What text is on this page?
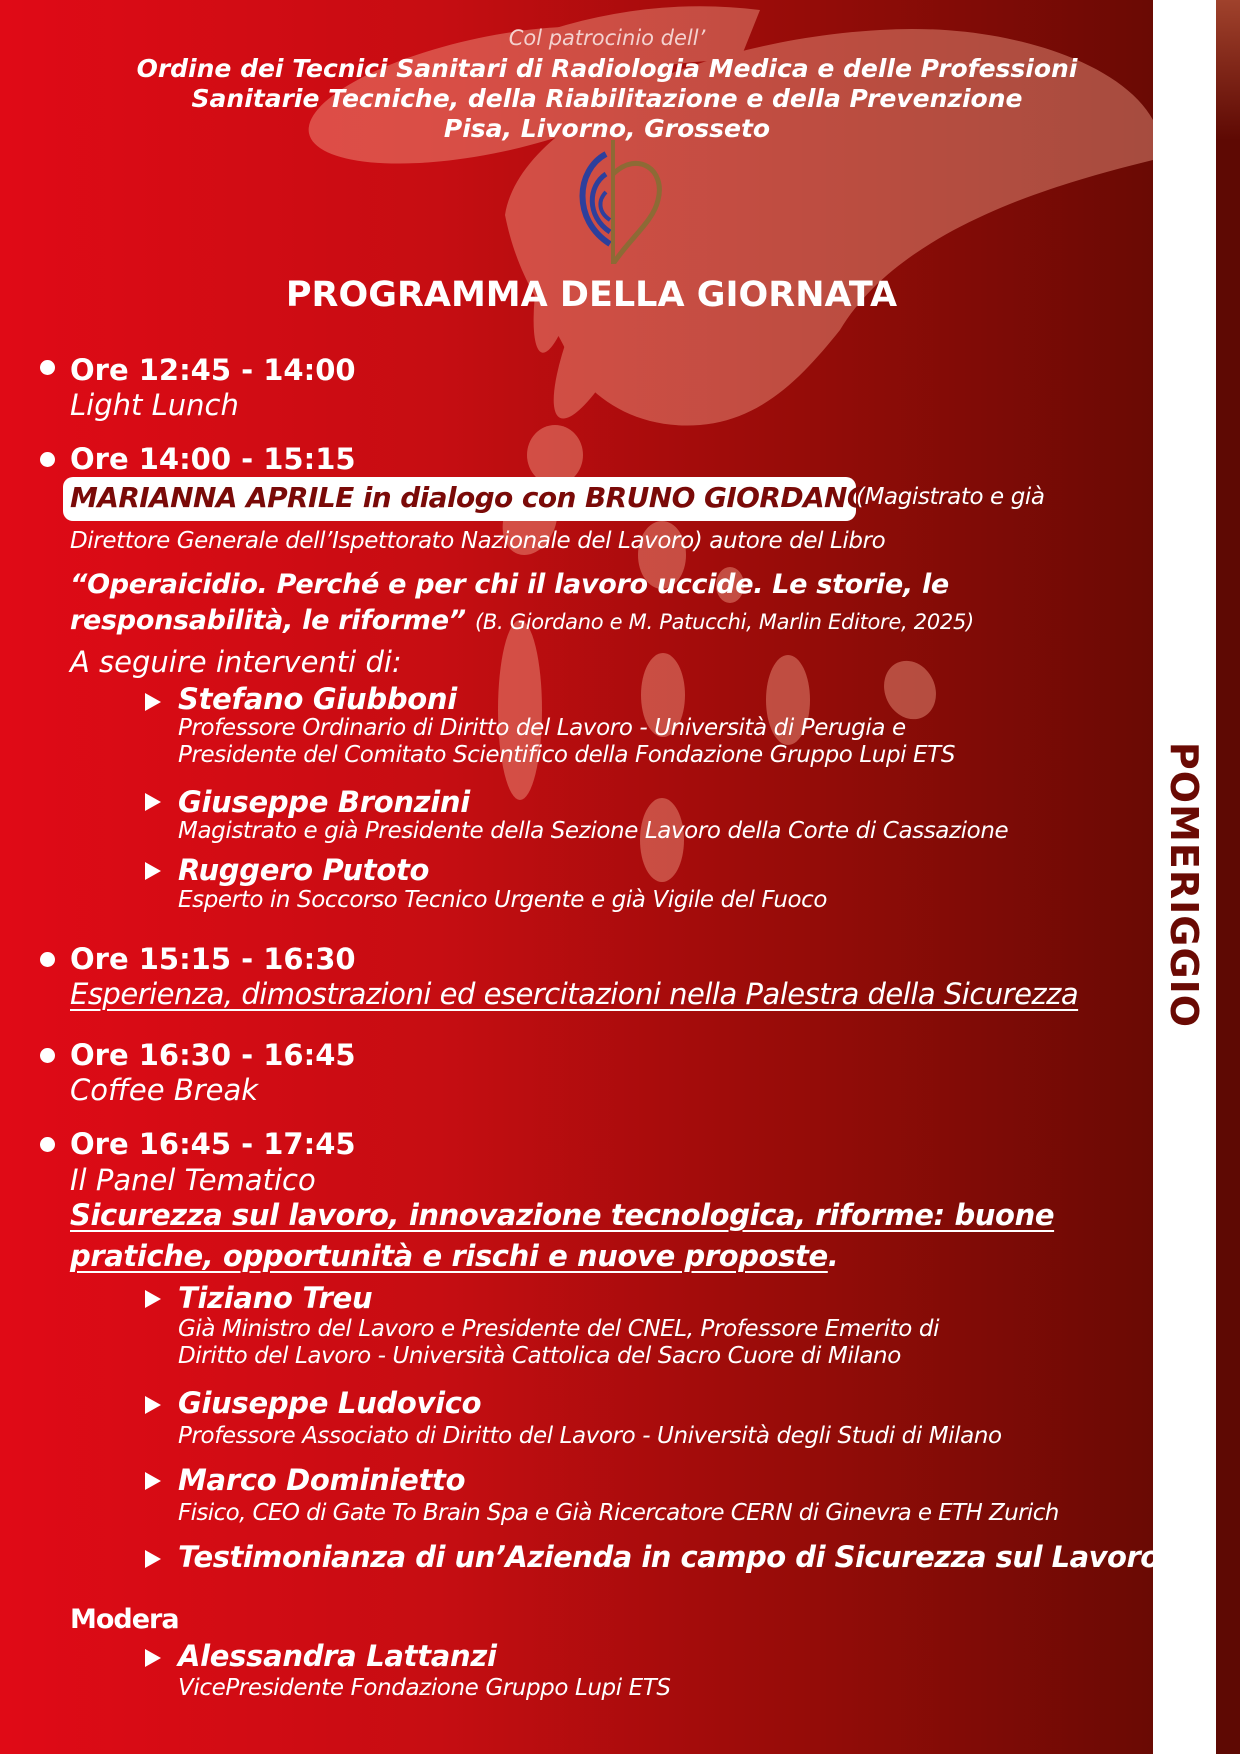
POMERIGGIO

Col patrocinio dell’

Ordine dei Tecnici Sanitari di Radiologia Medica e delle Professioni

Sanitarie Tecniche, della Riabilitazione e della Prevenzione

Pisa, Livorno, Grosseto

PROGRAMMA DELLA GIORNATA
Ore 12:45 - 14:00
Light Lunch
Ore 14:00 - 15:15
MARIANNA APRILE in dialogo con BRUNO GIORDANO
(Magistrato e già
Direttore Generale dell’Ispettorato Nazionale del Lavoro) autore del Libro
“Operaicidio. Perché e per chi il lavoro uccide. Le storie, le responsabilità, le riforme” (B. Giordano e M. Patucchi, Marlin Editore, 2025)
A seguire interventi di:
Stefano Giubboni
Professore Ordinario di Diritto del Lavoro - Università di Perugia e
Presidente del Comitato Scientifico della Fondazione Gruppo Lupi ETS
Giuseppe Bronzini
Magistrato e già Presidente della Sezione Lavoro della Corte di Cassazione
Ruggero Putoto
Esperto in Soccorso Tecnico Urgente e già Vigile del Fuoco
Ore 15:15 - 16:30
Esperienza, dimostrazioni ed esercitazioni nella Palestra della Sicurezza
Ore 16:30 - 16:45
Coffee Break
Ore 16:45 - 17:45
Il Panel Tematico
Sicurezza sul lavoro, innovazione tecnologica, riforme: buone
pratiche, opportunità e rischi e nuove proposte.
Tiziano Treu
Già Ministro del Lavoro e Presidente del CNEL, Professore Emerito di
Diritto del Lavoro - Università Cattolica del Sacro Cuore di Milano
Giuseppe Ludovico
Professore Associato di Diritto del Lavoro - Università degli Studi di Milano
Marco Dominietto
Fisico, CEO di Gate To Brain Spa e Già Ricercatore CERN di Ginevra e ETH Zurich
Testimonianza di un’Azienda in campo di Sicurezza sul Lavoro
Modera
Alessandra Lattanzi
VicePresidente Fondazione Gruppo Lupi ETS
